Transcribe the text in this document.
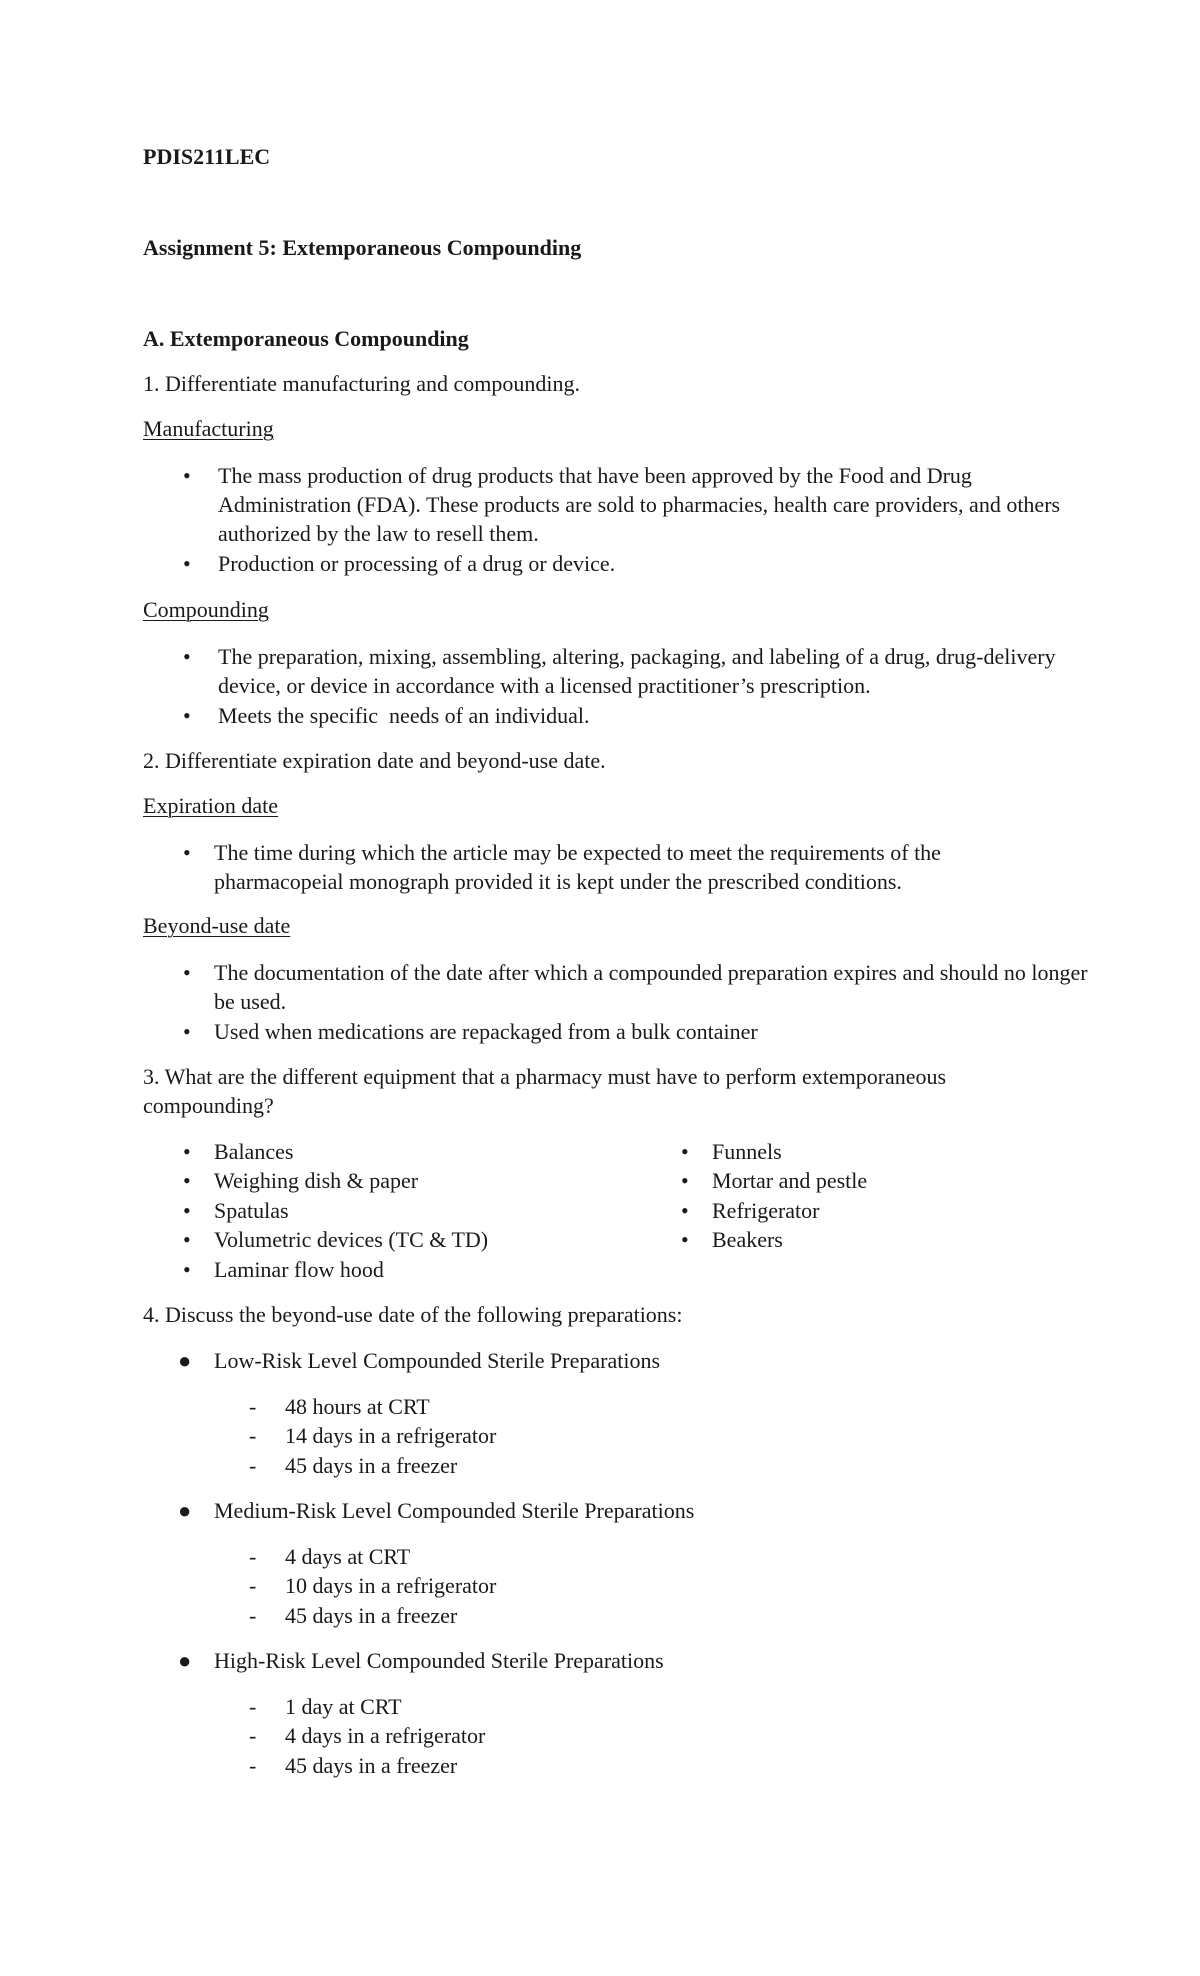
PDIS211LEC

Assignment 5: Extemporaneous Compounding

A. Extemporaneous Compounding

1. Differentiate manufacturing and compounding.

Manufacturing

• The mass production of drug products that have been approved by the Food and Drug Administration (FDA). These products are sold to pharmacies, health care providers, and others authorized by the law to resell them.

• Production or processing of a drug or device.

Compounding

• The preparation, mixing, assembling, altering, packaging, and labeling of a drug, drug-delivery device, or device in accordance with a licensed practitioner’s prescription.

• Meets the specific  needs of an individual.

2. Differentiate expiration date and beyond-use date.

Expiration date

• The time during which the article may be expected to meet the requirements of the pharmacopeial monograph provided it is kept under the prescribed conditions.

Beyond-use date

• The documentation of the date after which a compounded preparation expires and should no longer be used.

• Used when medications are repackaged from a bulk container

3. What are the different equipment that a pharmacy must have to perform extemporaneous compounding?

• Balances

• Weighing dish & paper

• Spatulas

• Volumetric devices (TC & TD)

• Laminar flow hood

• Funnels

• Mortar and pestle

• Refrigerator

• Beakers

4. Discuss the beyond-use date of the following preparations:

● Low-Risk Level Compounded Sterile Preparations

- 48 hours at CRT

- 14 days in a refrigerator

- 45 days in a freezer

● Medium-Risk Level Compounded Sterile Preparations

- 4 days at CRT

- 10 days in a refrigerator

- 45 days in a freezer

● High-Risk Level Compounded Sterile Preparations

- 1 day at CRT

- 4 days in a refrigerator

- 45 days in a freezer
